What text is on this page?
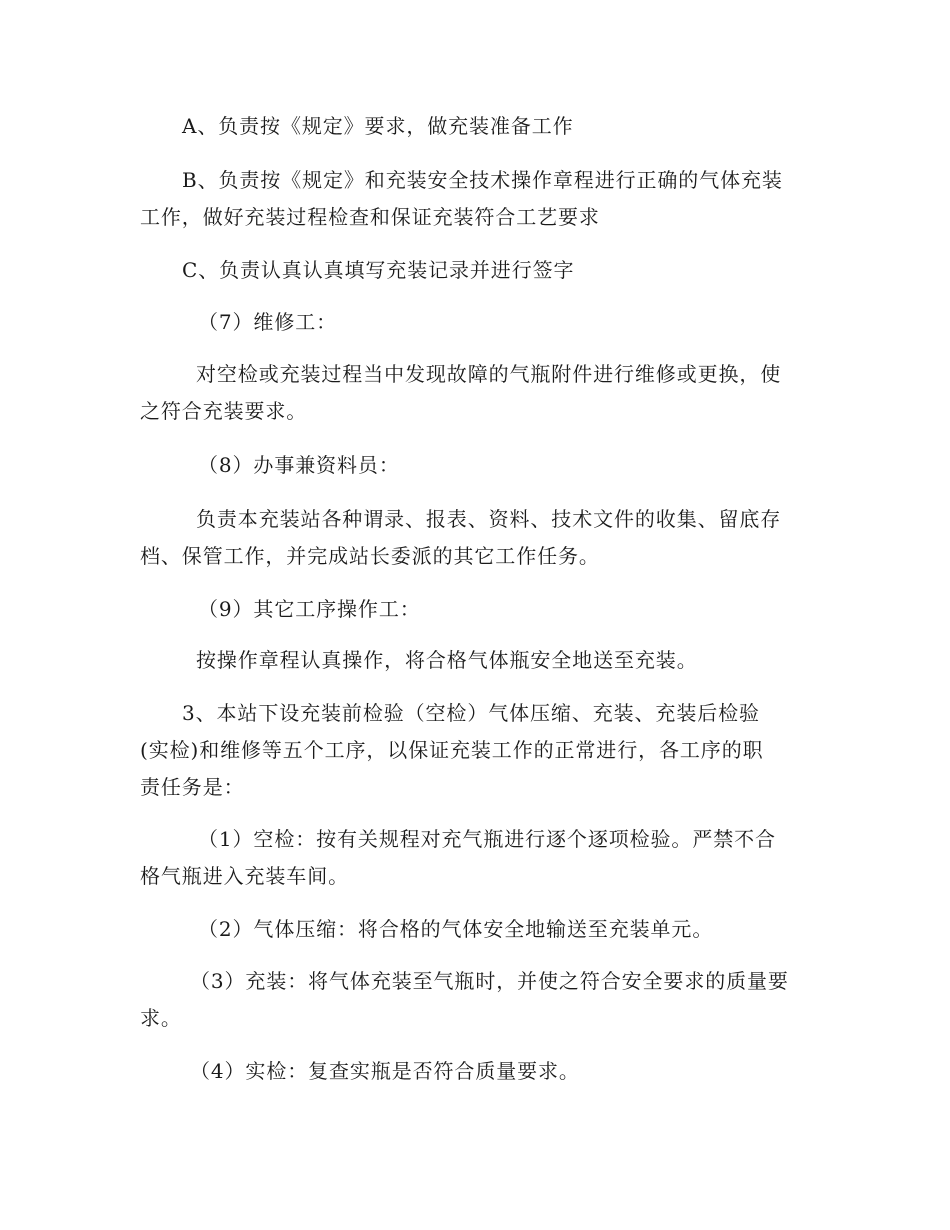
A、负责按《规定》要求，做充装准备工作
B、负责按《规定》和充装安全技术操作章程进行正确的气体充装
工作，做好充装过程检查和保证充装符合工艺要求
C、负责认真认真填写充装记录并进行签字
（7）维修工：
对空检或充装过程当中发现故障的气瓶附件进行维修或更换，使
之符合充装要求。
（8）办事兼资料员：
负责本充装站各种谓录、报表、资料、技术文件的收集、留底存
档、保管工作，并完成站长委派的其它工作任务。
（9）其它工序操作工：
按操作章程认真操作，将合格气体瓶安全地送至充装。
3、本站下设充装前检验（空检）气体压缩、充装、充装后检验
(实检)和维修等五个工序，以保证充装工作的正常进行，各工序的职
责任务是：
（1）空检：按有关规程对充气瓶进行逐个逐项检验。严禁不合
格气瓶进入充装车间。
（2）气体压缩：将合格的气体安全地输送至充装单元。
（3）充装：将气体充装至气瓶时，并使之符合安全要求的质量要
求。
（4）实检：复查实瓶是否符合质量要求。
